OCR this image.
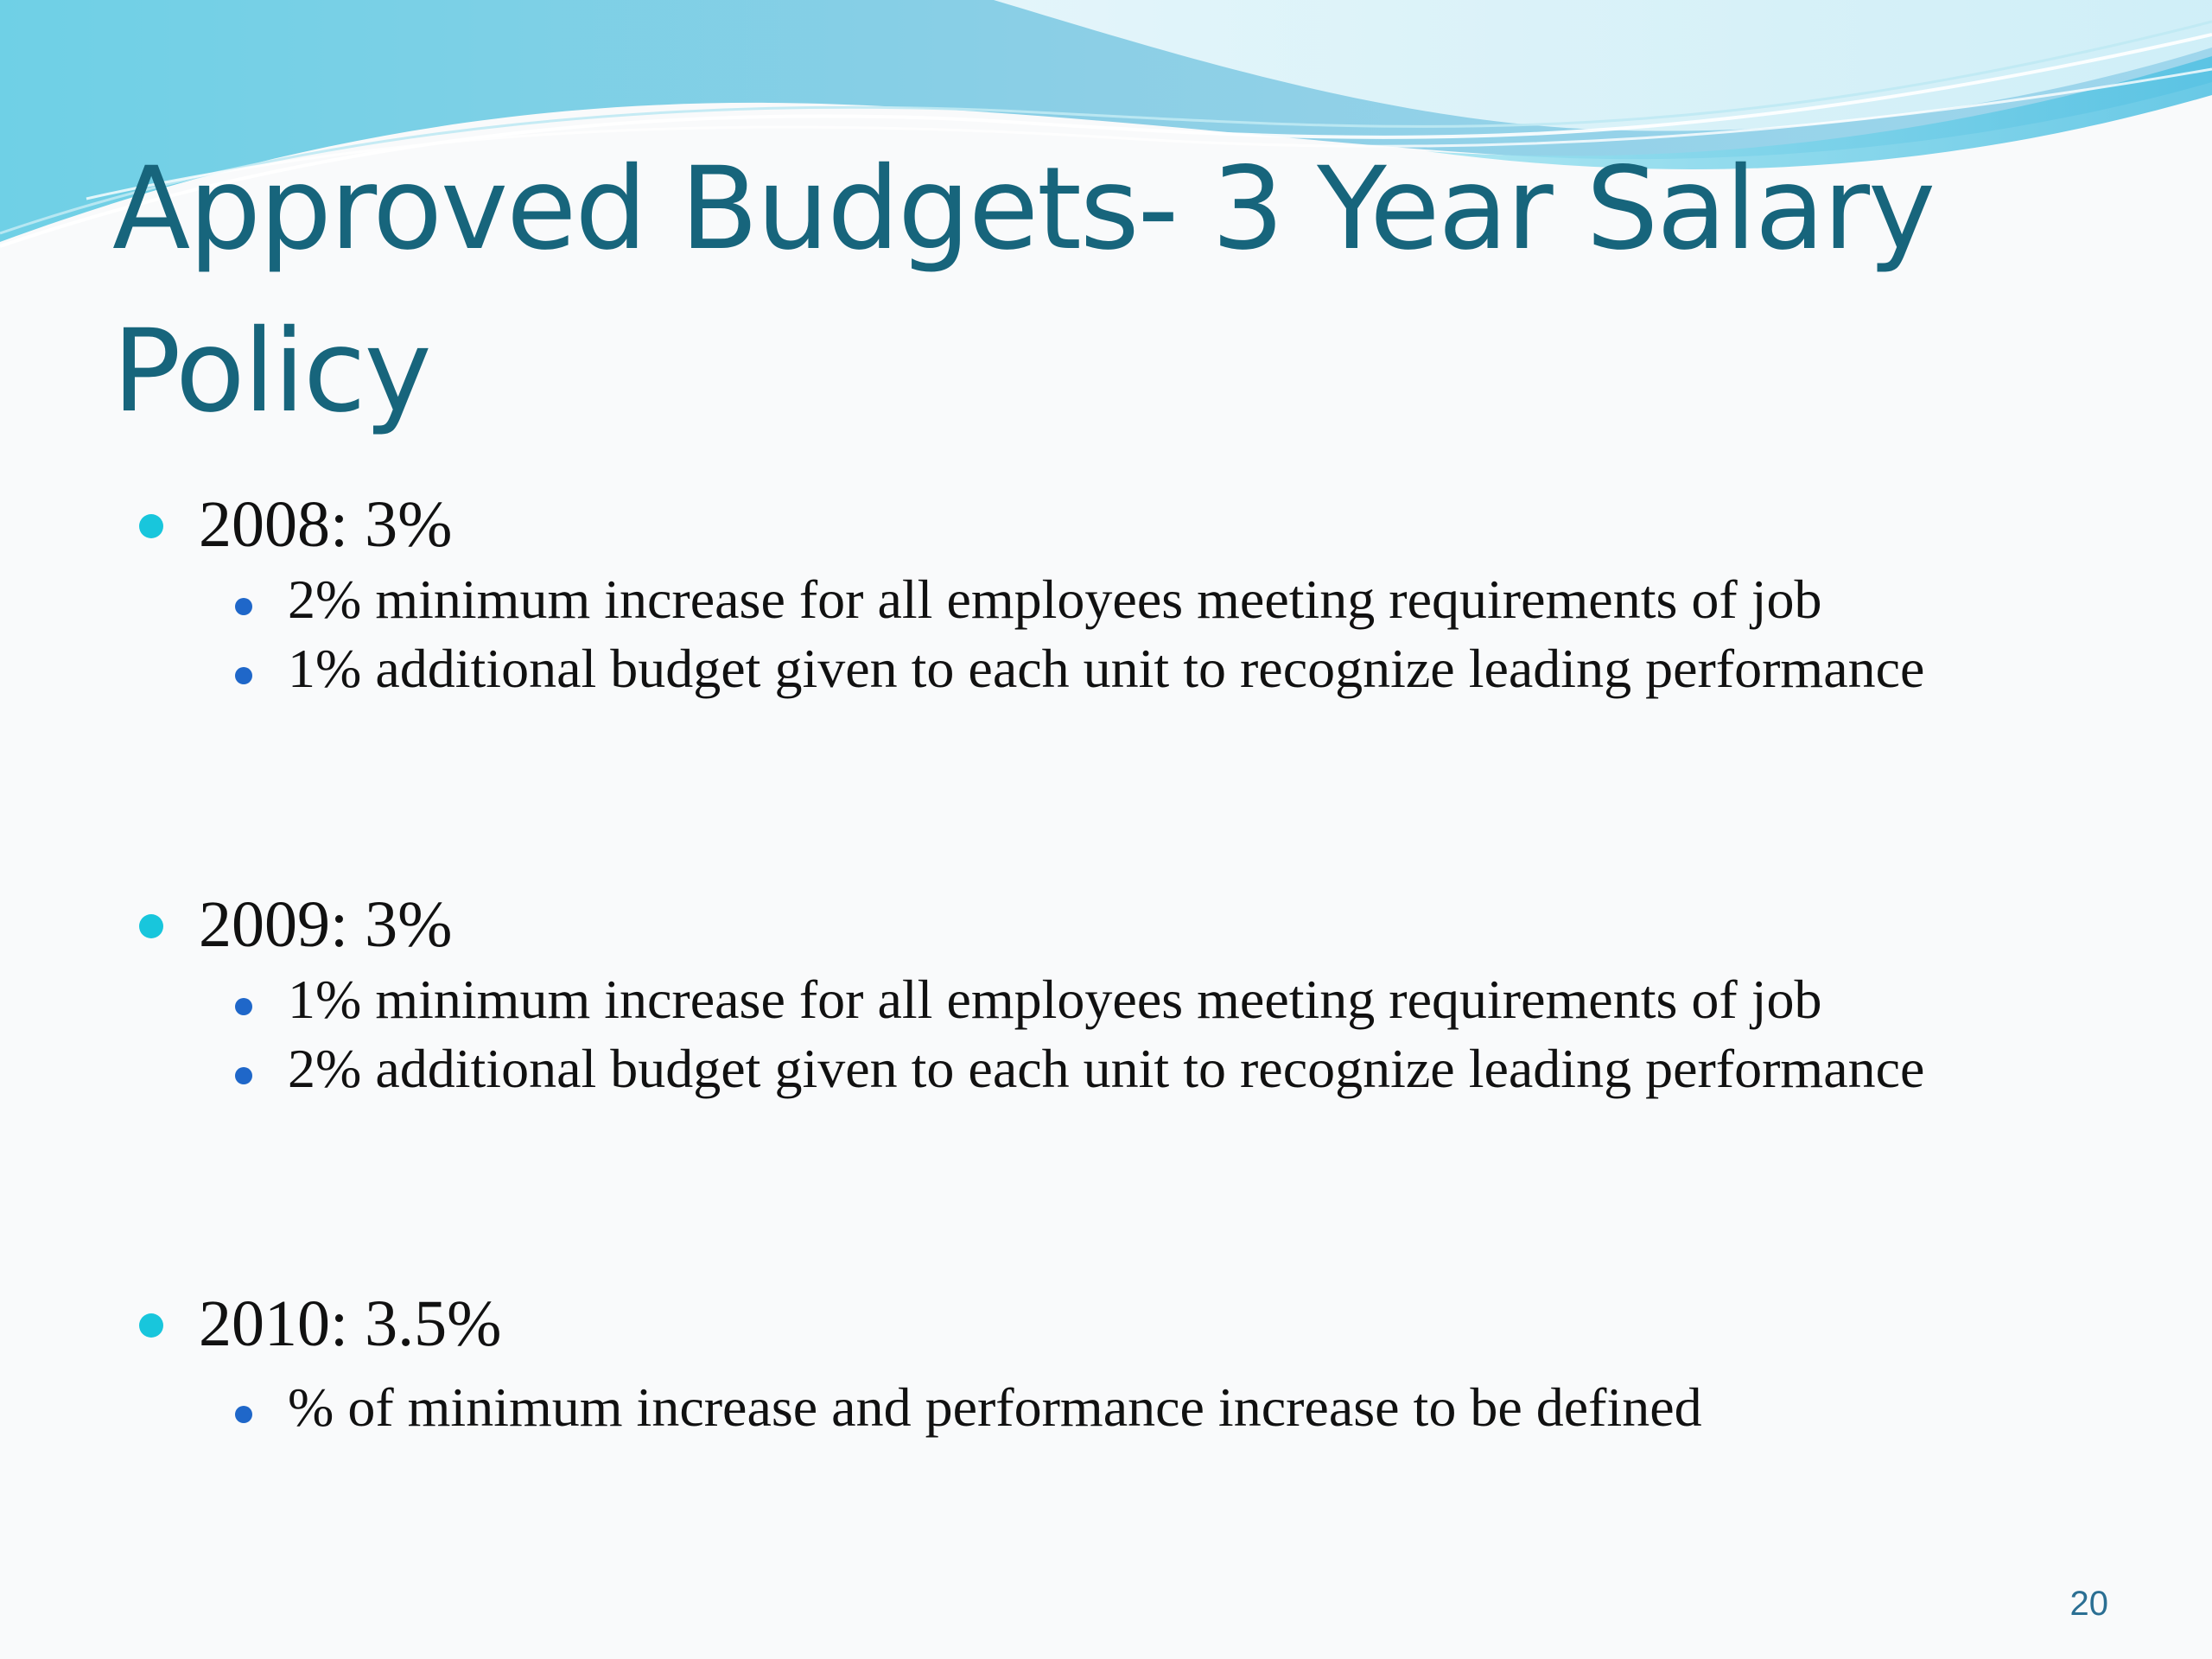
Approved Budgets- 3 Year Salary Policy
2008: 3%
2% minimum increase for all employees meeting requirements of job
1% additional budget given to each unit to recognize leading performance
2009: 3%
1% minimum increase for all employees meeting requirements of job
2% additional budget given to each unit to recognize leading performance
2010: 3.5%
% of minimum increase and performance increase to be defined
20
